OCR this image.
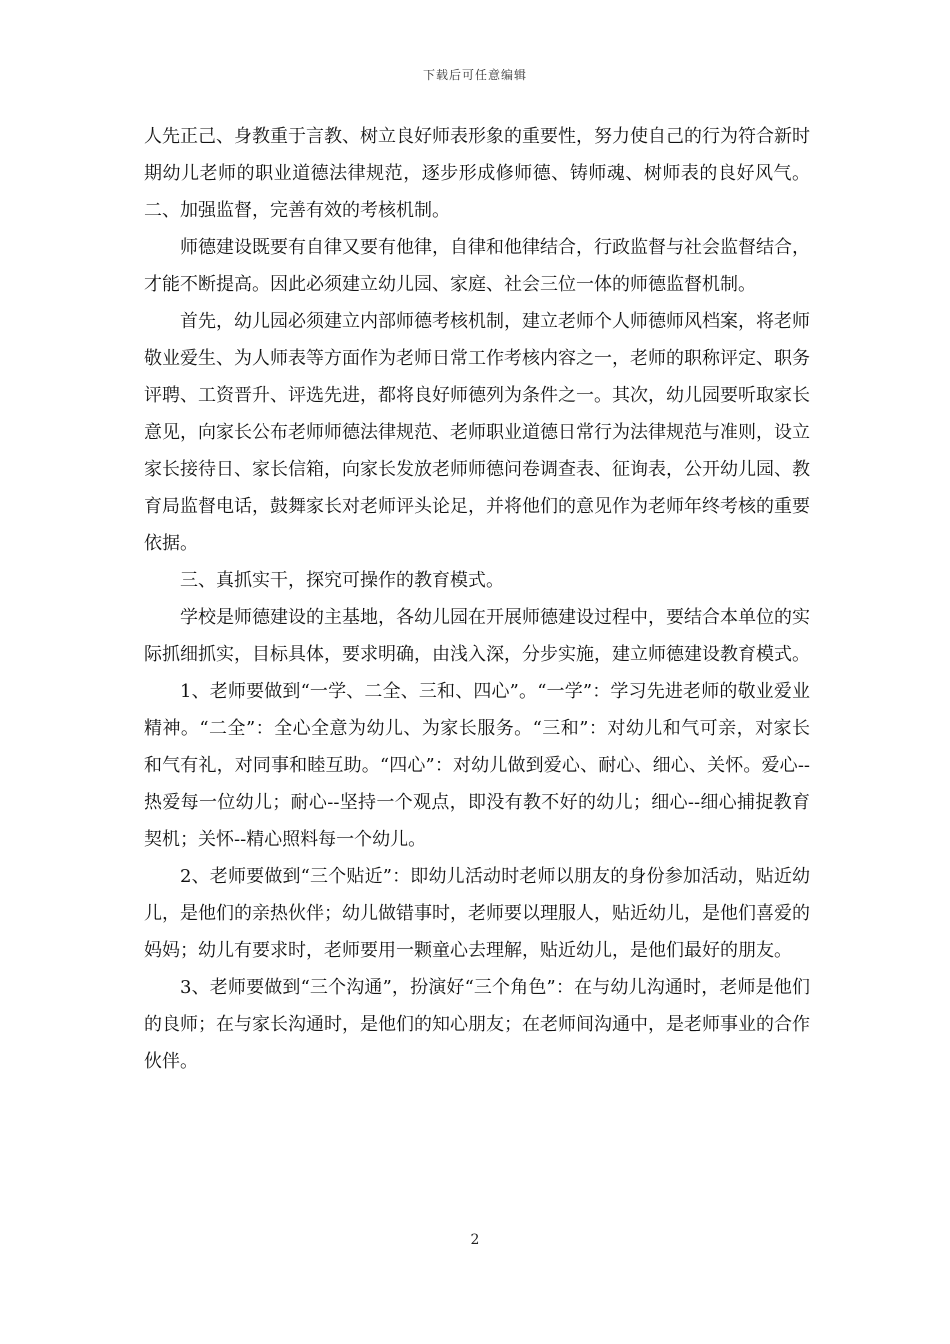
下载后可任意编辑

人先正己、身教重于言教、树立良好师表形象的重要性，努力使自己的行为符合新时期幼儿老师的职业道德法律规范，逐步形成修师德、铸师魂、树师表的良好风气。二、加强监督，完善有效的考核机制。

师德建设既要有自律又要有他律，自律和他律结合，行政监督与社会监督结合，才能不断提高。因此必须建立幼儿园、家庭、社会三位一体的师德监督机制。

首先，幼儿园必须建立内部师德考核机制，建立老师个人师德师风档案，将老师敬业爱生、为人师表等方面作为老师日常工作考核内容之一，老师的职称评定、职务评聘、工资晋升、评选先进，都将良好师德列为条件之一。其次，幼儿园要听取家长意见，向家长公布老师师德法律规范、老师职业道德日常行为法律规范与准则，设立家长接待日、家长信箱，向家长发放老师师德问卷调查表、征询表，公开幼儿园、教育局监督电话，鼓舞家长对老师评头论足，并将他们的意见作为老师年终考核的重要依据。

三、真抓实干，探究可操作的教育模式。

学校是师德建设的主基地，各幼儿园在开展师德建设过程中，要结合本单位的实际抓细抓实，目标具体，要求明确，由浅入深，分步实施，建立师德建设教育模式。

1、老师要做到“一学、二全、三和、四心”。“一学”：学习先进老师的敬业爱业精神。“二全”：全心全意为幼儿、为家长服务。“三和”：对幼儿和气可亲，对家长和气有礼，对同事和睦互助。“四心”：对幼儿做到爱心、耐心、细心、关怀。爱心--热爱每一位幼儿；耐心--坚持一个观点，即没有教不好的幼儿；细心--细心捕捉教育契机；关怀--精心照料每一个幼儿。

2、老师要做到“三个贴近”：即幼儿活动时老师以朋友的身份参加活动，贴近幼儿，是他们的亲热伙伴；幼儿做错事时，老师要以理服人，贴近幼儿，是他们喜爱的妈妈；幼儿有要求时，老师要用一颗童心去理解，贴近幼儿，是他们最好的朋友。

3、老师要做到“三个沟通”，扮演好“三个角色”：在与幼儿沟通时，老师是他们的良师；在与家长沟通时，是他们的知心朋友；在老师间沟通中，是老师事业的合作伙伴。

2
